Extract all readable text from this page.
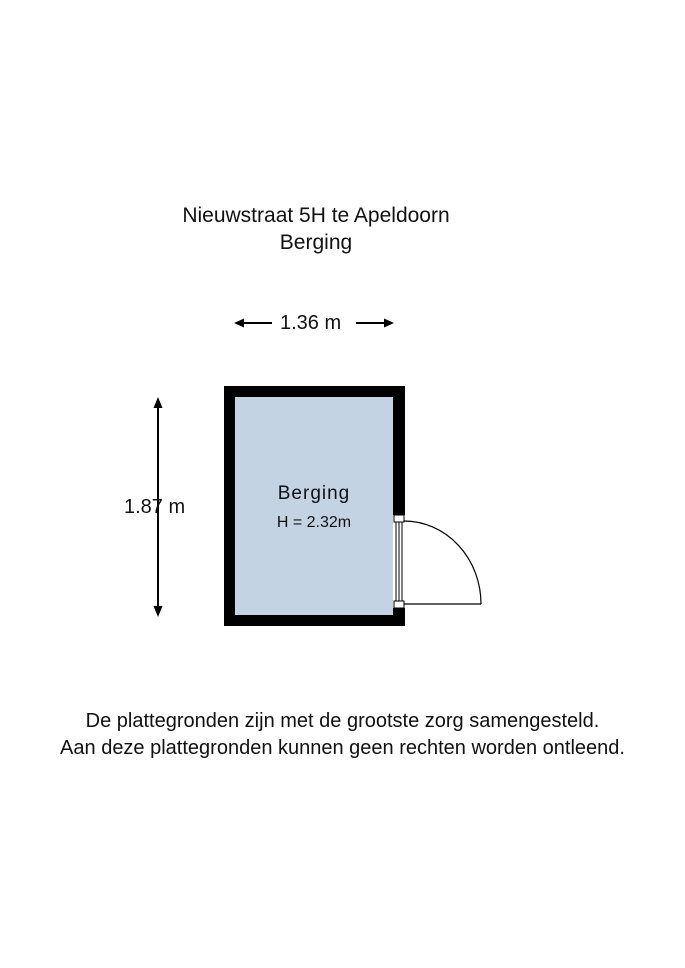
Nieuwstraat 5H te Apeldoorn
Berging
1.36 m
1.87 m
Berging
H = 2.32m
De plattegronden zijn met de grootste zorg samengesteld.
Aan deze plattegronden kunnen geen rechten worden ontleend.
